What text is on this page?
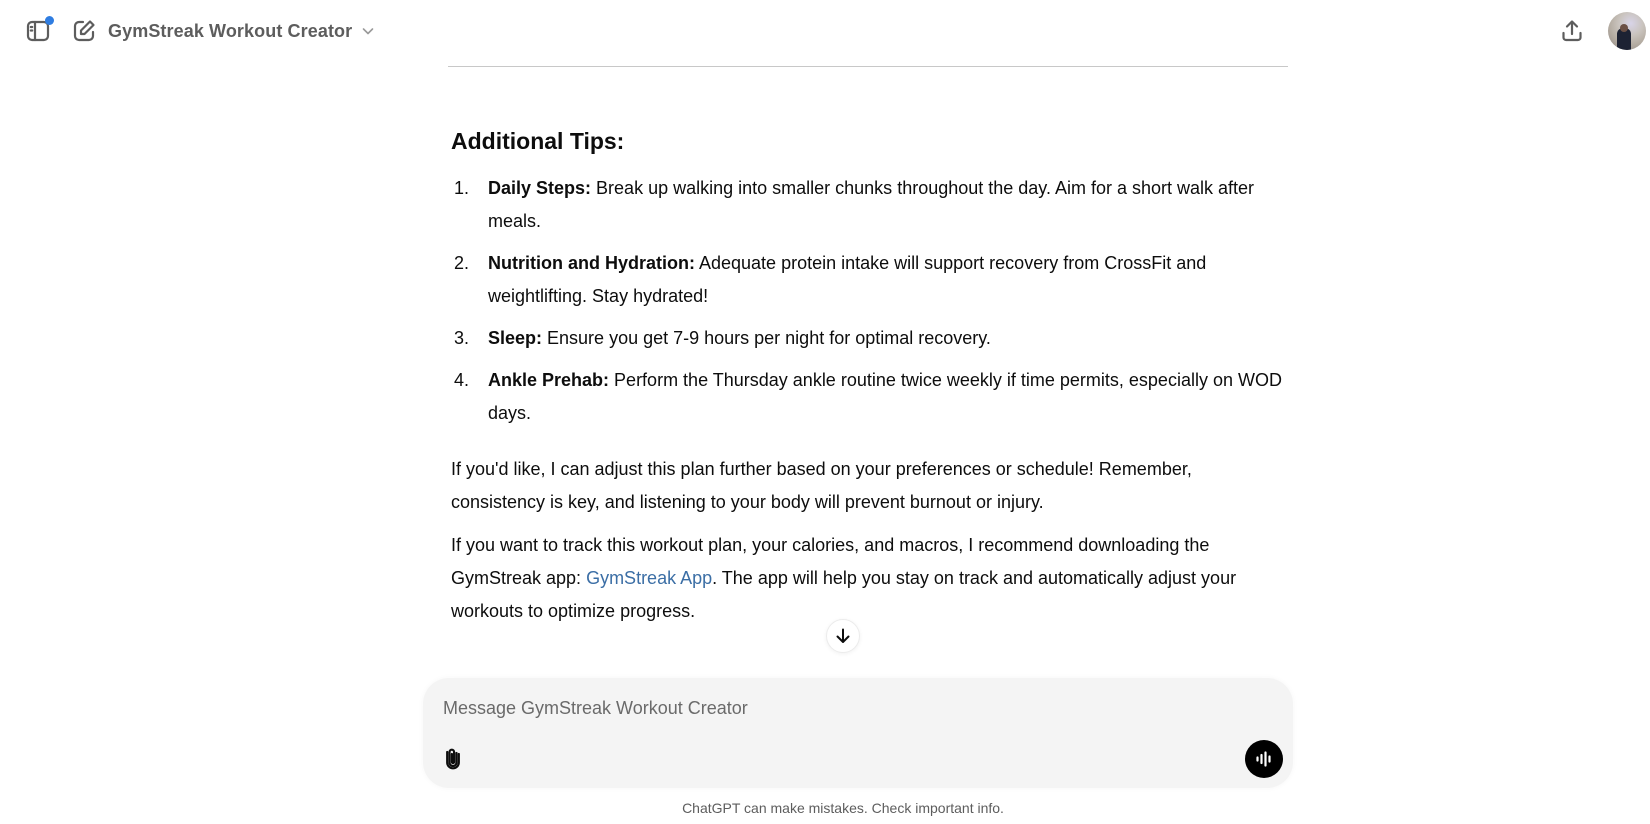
GymStreak Workout Creator
Additional Tips:
1. Daily Steps: Break up walking into smaller chunks throughout the day. Aim for a short walk after meals.
2. Nutrition and Hydration: Adequate protein intake will support recovery from CrossFit and weightlifting. Stay hydrated!
3. Sleep: Ensure you get 7-9 hours per night for optimal recovery.
4. Ankle Prehab: Perform the Thursday ankle routine twice weekly if time permits, especially on WOD days.

If you'd like, I can adjust this plan further based on your preferences or schedule! Remember, consistency is key, and listening to your body will prevent burnout or injury.

If you want to track this workout plan, your calories, and macros, I recommend downloading the GymStreak app: GymStreak App. The app will help you stay on track and automatically adjust your workouts to optimize progress.

Message GymStreak Workout Creator
ChatGPT can make mistakes. Check important info.
